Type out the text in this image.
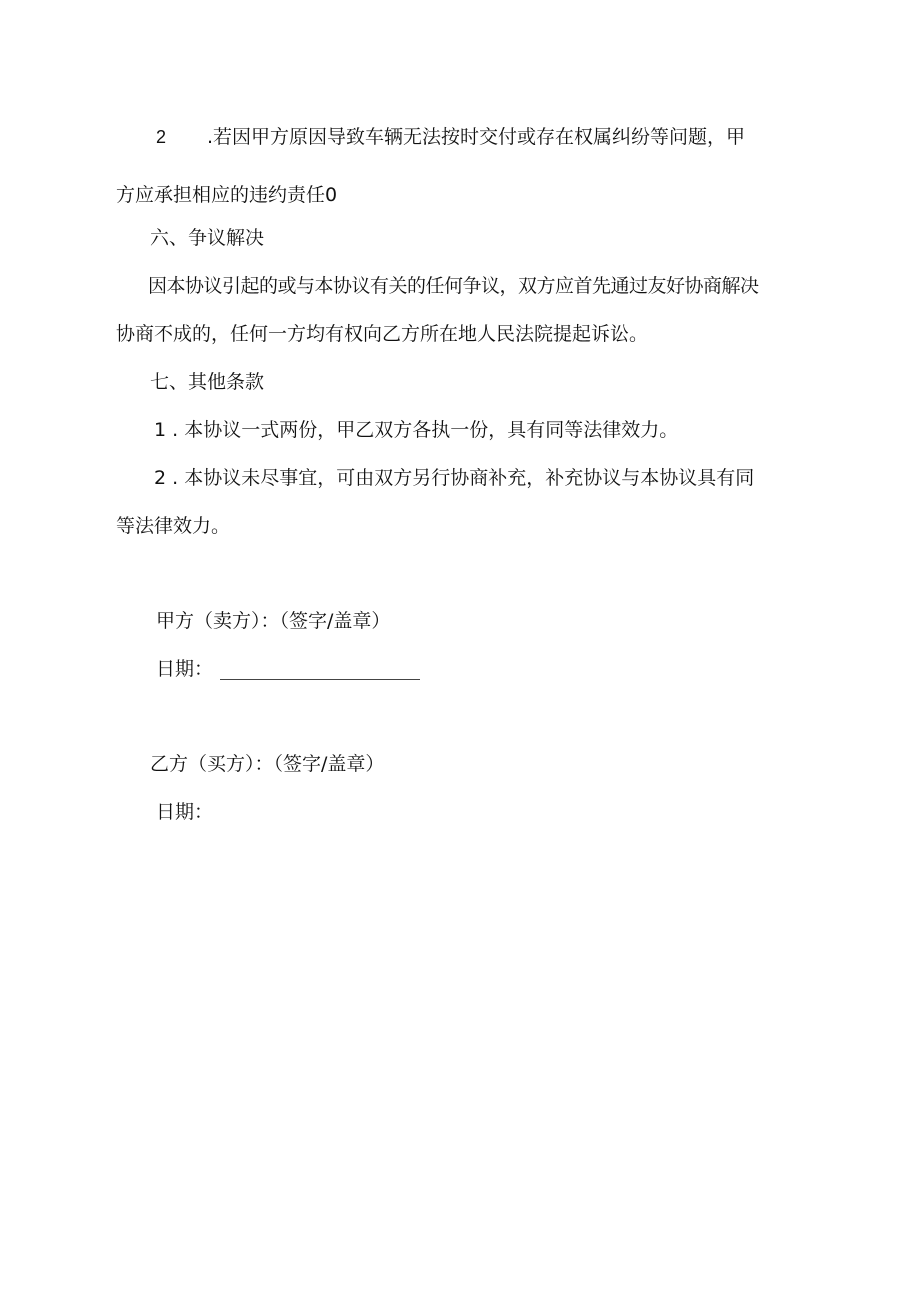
2 .若因甲方原因导致车辆无法按时交付或存在权属纠纷等问题，甲
方应承担相应的违约责任0
六、争议解决
因本协议引起的或与本协议有关的任何争议，双方应首先通过友好协商解决
协商不成的，任何一方均有权向乙方所在地人民法院提起诉讼。
七、其他条款
1 . 本协议一式两份，甲乙双方各执一份，具有同等法律效力。
2 . 本协议未尽事宜，可由双方另行协商补充，补充协议与本协议具有同
等法律效力。
甲方（卖方）：（签字/盖章）
日期：
乙方（买方）：（签字/盖章）
日期：
